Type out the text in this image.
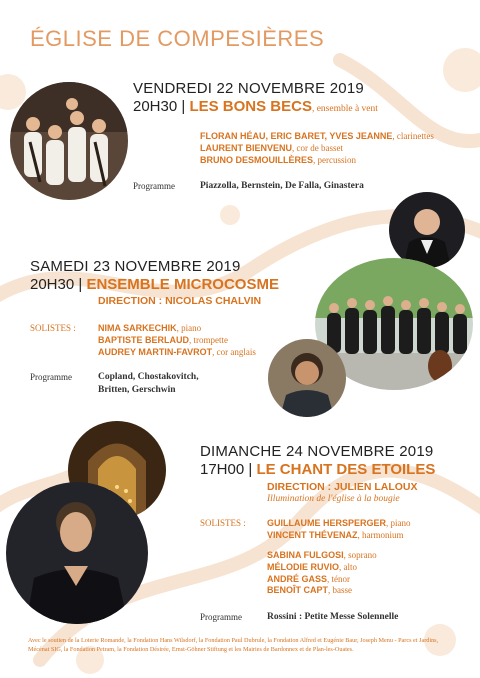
ÉGLISE DE COMPESIÈRES
VENDREDI 22 NOVEMBRE 2019
20H30 | LES BONS BECS, ensemble à vent
FLORAN HÉAU, ERIC BARET, YVES JEANNE, clarinettes
LAURENT BIENVENU, cor de basset
BRUNO DESMOUILLÈRES, percussion
Programme	Piazzolla, Bernstein, De Falla, Ginastera
SAMEDI 23 NOVEMBRE 2019
20H30 | ENSEMBLE MICROCOSME
DIRECTION : NICOLAS CHALVIN
SOLISTES : NIMA SARKECHIK, piano
BAPTISTE BERLAUD, trompette
AUDREY MARTIN-FAVROT, cor anglais
Programme	Copland, Chostakovitch,
Britten, Gerschwin
DIMANCHE 24 NOVEMBRE 2019
17H00 | LE CHANT DES ETOILES
DIRECTION : JULIEN LALOUX
Illumination de l'église à la bougie
SOLISTES : GUILLAUME HERSPERGER, piano
VINCENT THÉVENAZ, harmonium
SABINA FULGOSI, soprano
MÉLODIE RUVIO, alto
ANDRÉ GASS, ténor
BENOÎT CAPT, basse
Programme	Rossini : Petite Messe Solennelle
Avec le soutien de la Loterie Romande, la Fondation Hans Wilsdorf, la Fondation Paul Dubrule, la Fondation Alfred et Eugénie Baur, Joseph Menu - Parcs et Jardins, Mécénat SIG, la Fondation Petram, la Fondation Désirée, Ernst-Göhner Stiftung et les Mairies de Bardonnex et de Plan-les-Ouates.
